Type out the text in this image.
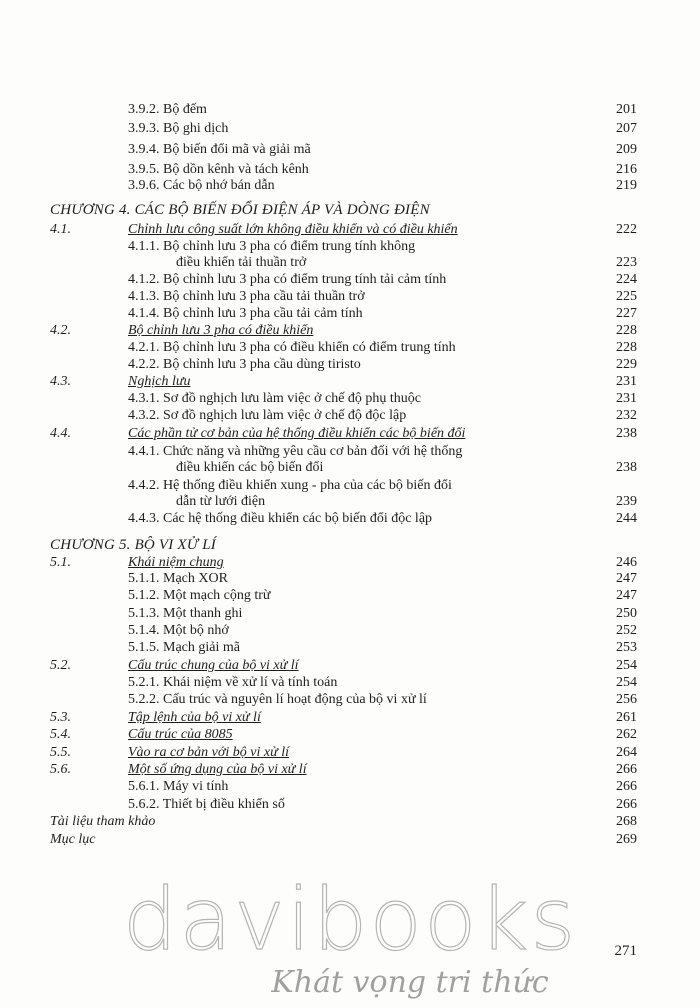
3.9.2. Bộ đếm	201
3.9.3. Bộ ghi dịch	207
3.9.4. Bộ biến đổi mã và giải mã	209
3.9.5. Bộ dồn kênh và tách kênh	216
3.9.6. Các bộ nhớ bán dẫn	219
CHƯƠNG 4. CÁC BỘ BIẾN ĐỔI ĐIỆN ÁP VÀ DÒNG ĐIỆN
4.1.	Chỉnh lưu công suất lớn không điều khiển và có điều khiển	222
4.1.1. Bộ chỉnh lưu 3 pha có điểm trung tính không
điều khiển tải thuần trở	223
4.1.2. Bộ chỉnh lưu 3 pha có điểm trung tính tải cảm tính	224
4.1.3. Bộ chỉnh lưu 3 pha cầu tải thuần trở	225
4.1.4. Bộ chỉnh lưu 3 pha cầu tải cảm tính	227
4.2.	Bộ chỉnh lưu 3 pha có điều khiển	228
4.2.1. Bộ chỉnh lưu 3 pha có điều khiển có điểm trung tính	228
4.2.2. Bộ chỉnh lưu 3 pha cầu dùng tiristo	229
4.3.	Nghịch lưu	231
4.3.1. Sơ đồ nghịch lưu làm việc ở chế độ phụ thuộc	231
4.3.2. Sơ đồ nghịch lưu làm việc ở chế độ độc lập	232
4.4.	Các phần tử cơ bản của hệ thống điều khiển các bộ biến đổi	238
4.4.1. Chức năng và những yêu cầu cơ bản đối với hệ thống
điều khiển các bộ biến đổi	238
4.4.2. Hệ thống điều khiển xung - pha của các bộ biến đổi
dẫn từ lưới điện	239
4.4.3. Các hệ thống điều khiển các bộ biến đổi độc lập	244
CHƯƠNG 5. BỘ VI XỬ LÍ
5.1.	Khái niệm chung	246
5.1.1. Mạch XOR	247
5.1.2. Một mạch cộng trừ	247
5.1.3. Một thanh ghi	250
5.1.4. Một bộ nhớ	252
5.1.5. Mạch giải mã	253
5.2.	Cấu trúc chung của bộ vi xử lí	254
5.2.1. Khái niệm về xử lí và tính toán	254
5.2.2. Cấu trúc và nguyên lí hoạt động của bộ vi xử lí	256
5.3.	Tập lệnh của bộ vi xử lí	261
5.4.	Cấu trúc của 8085	262
5.5.	Vào ra cơ bản với bộ vi xử lí	264
5.6.	Một số ứng dụng của bộ vi xử lí	266
5.6.1. Máy vi tính	266
5.6.2. Thiết bị điều khiển số	266
Tài liệu tham khảo	268
Mục lục	269
davibooks	271
Khát vọng tri thức
